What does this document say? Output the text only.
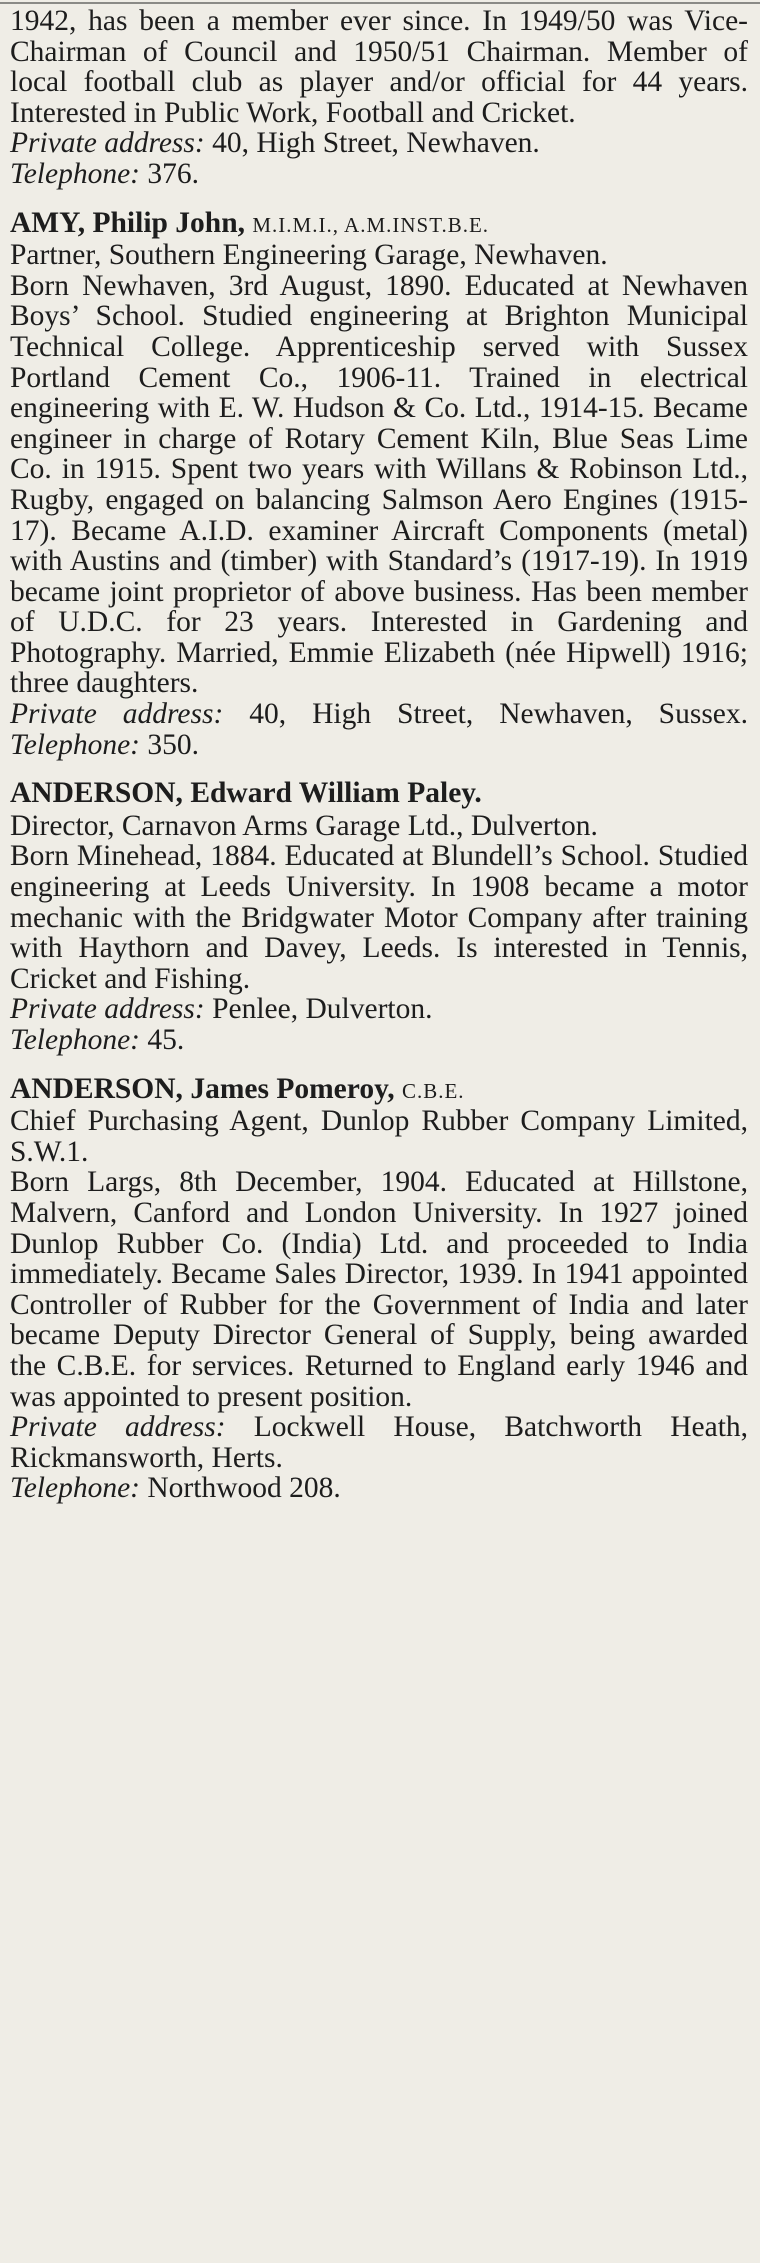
1942, has been a member ever since. In 1949/50 was Vice-Chairman of Council and 1950/51 Chairman. Member of local football club as player and/or official for 44 years. Interested in Public Work, Football and Cricket.
Private address: 40, High Street, Newhaven.
Telephone: 376.
AMY, Philip John, M.I.M.I., A.M.INST.B.E.
Partner, Southern Engineering Garage, Newhaven.
Born Newhaven, 3rd August, 1890. Educated at Newhaven Boys’ School. Studied engineering at Brighton Municipal Technical College. Apprenticeship served with Sussex Portland Cement Co., 1906-11. Trained in electrical engineering with E. W. Hudson & Co. Ltd., 1914-15. Became engineer in charge of Rotary Cement Kiln, Blue Seas Lime Co. in 1915. Spent two years with Willans & Robinson Ltd., Rugby, engaged on balancing Salmson Aero Engines (1915-17). Became A.I.D. examiner Aircraft Components (metal) with Austins and (timber) with Standard’s (1917-19). In 1919 became joint proprietor of above business. Has been member of U.D.C. for 23 years. Interested in Gardening and Photography. Married, Emmie Elizabeth (née Hipwell) 1916; three daughters.
Private address: 40, High Street, Newhaven, Sussex. Telephone: 350.
ANDERSON, Edward William Paley.
Director, Carnavon Arms Garage Ltd., Dulverton.
Born Minehead, 1884. Educated at Blundell’s School. Studied engineering at Leeds University. In 1908 became a motor mechanic with the Bridgwater Motor Company after training with Haythorn and Davey, Leeds. Is interested in Tennis, Cricket and Fishing.
Private address: Penlee, Dulverton.
Telephone: 45.
ANDERSON, James Pomeroy, C.B.E.
Chief Purchasing Agent, Dunlop Rubber Company Limited, S.W.1.
Born Largs, 8th December, 1904. Educated at Hillstone, Malvern, Canford and London University. In 1927 joined Dunlop Rubber Co. (India) Ltd. and proceeded to India immediately. Became Sales Director, 1939. In 1941 appointed Controller of Rubber for the Government of India and later became Deputy Director General of Supply, being awarded the C.B.E. for services. Returned to England early 1946 and was appointed to present position.
Private address: Lockwell House, Batchworth Heath, Rickmansworth, Herts.
Telephone: Northwood 208.
